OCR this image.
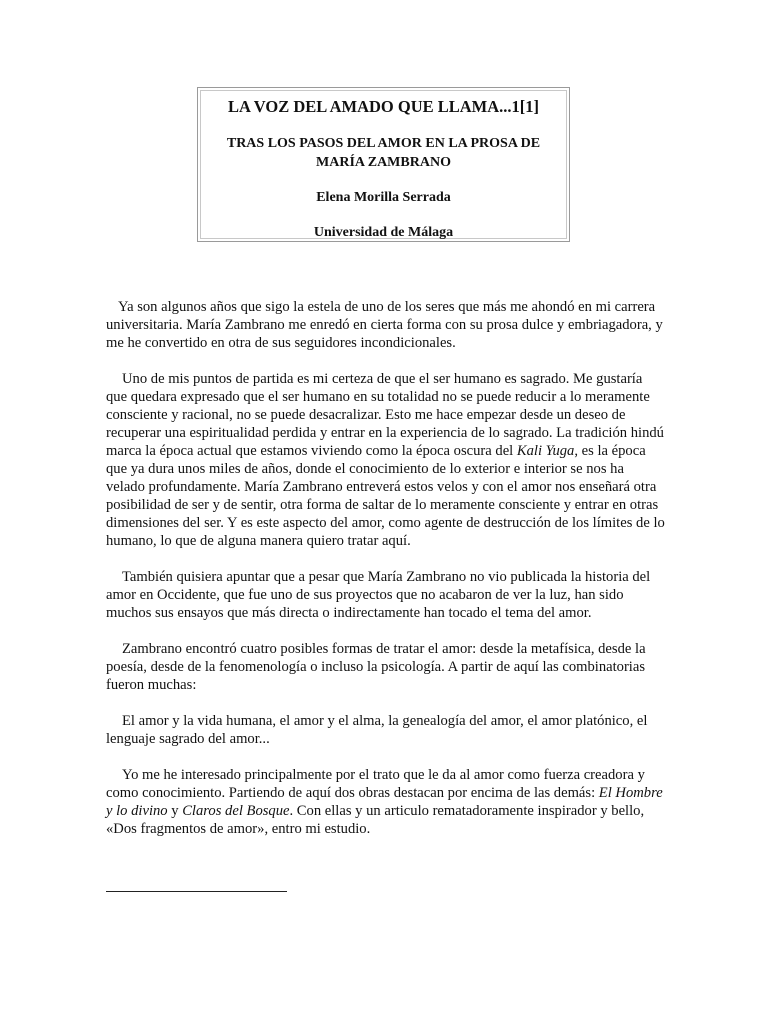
LA VOZ DEL AMADO QUE LLAMA...1[1]
TRAS LOS PASOS DEL AMOR EN LA PROSA DE MARÍA ZAMBRANO
Elena Morilla Serrada
Universidad de Málaga

Ya son algunos años que sigo la estela de uno de los seres que más me ahondó en mi carrera universitaria. María Zambrano me enredó en cierta forma con su prosa dulce y embriagadora, y me he convertido en otra de sus seguidores incondicionales.

Uno de mis puntos de partida es mi certeza de que el ser humano es sagrado. Me gustaría que quedara expresado que el ser humano en su totalidad no se puede reducir a lo meramente consciente y racional, no se puede desacralizar. Esto me hace empezar desde un deseo de recuperar una espiritualidad perdida y entrar en la experiencia de lo sagrado. La tradición hindú marca la época actual que estamos viviendo como la época oscura del Kali Yuga, es la época que ya dura unos miles de años, donde el conocimiento de lo exterior e interior se nos ha velado profundamente. María Zambrano entreverá estos velos y con el amor nos enseñará otra posibilidad de ser y de sentir, otra forma de saltar de lo meramente consciente y entrar en otras dimensiones del ser. Y es este aspecto del amor, como agente de destrucción de los límites de lo humano, lo que de alguna manera quiero tratar aquí.

También quisiera apuntar que a pesar que María Zambrano no vio publicada la historia del amor en Occidente, que fue uno de sus proyectos que no acabaron de ver la luz, han sido muchos sus ensayos que más directa o indirectamente han tocado el tema del amor.

Zambrano encontró cuatro posibles formas de tratar el amor: desde la metafísica, desde la poesía, desde de la fenomenología o incluso la psicología. A partir de aquí las combinatorias fueron muchas:

El amor y la vida humana, el amor y el alma, la genealogía del amor, el amor platónico, el lenguaje sagrado del amor...

Yo me he interesado principalmente por el trato que le da al amor como fuerza creadora y como conocimiento. Partiendo de aquí dos obras destacan por encima de las demás: El Hombre y lo divino y Claros del Bosque. Con ellas y un articulo rematadoramente inspirador y bello, «Dos fragmentos de amor», entro mi estudio.
